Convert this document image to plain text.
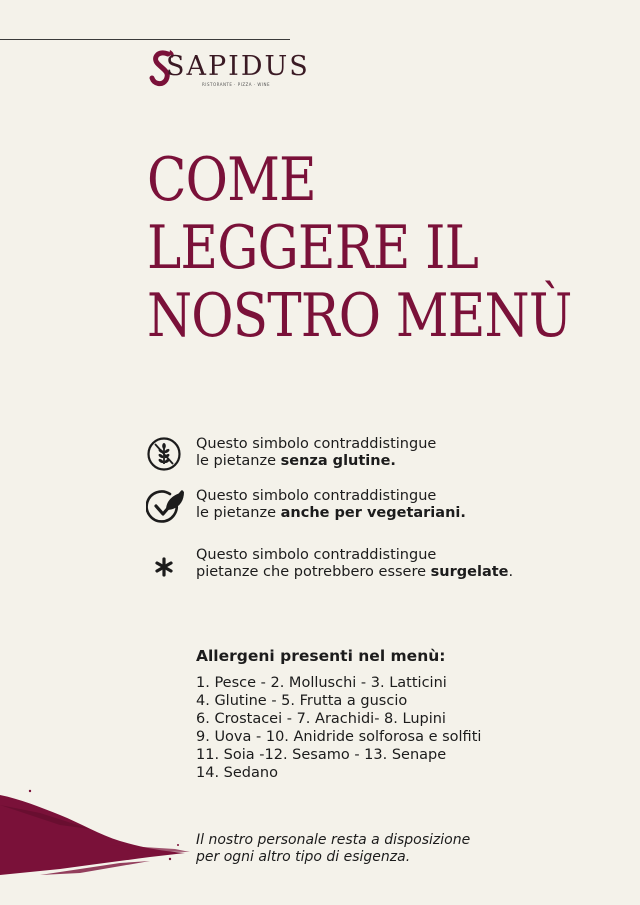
SAPIDUS
RISTORANTE · PIZZA · WINE
COME
LEGGERE IL
NOSTRO MENÙ
Questo simbolo contraddistingue
le pietanze senza glutine.
Questo simbolo contraddistingue
le pietanze anche per vegetariani.
Questo simbolo contraddistingue
pietanze che potrebbero essere surgelate.
Allergeni presenti nel menù:
1. Pesce - 2. Molluschi - 3. Latticini
4. Glutine - 5. Frutta a guscio
6. Crostacei - 7. Arachidi- 8. Lupini
9. Uova - 10. Anidride solforosa e solfiti
11. Soia -12. Sesamo - 13. Senape
14. Sedano
Il nostro personale resta a disposizione
per ogni altro tipo di esigenza.
